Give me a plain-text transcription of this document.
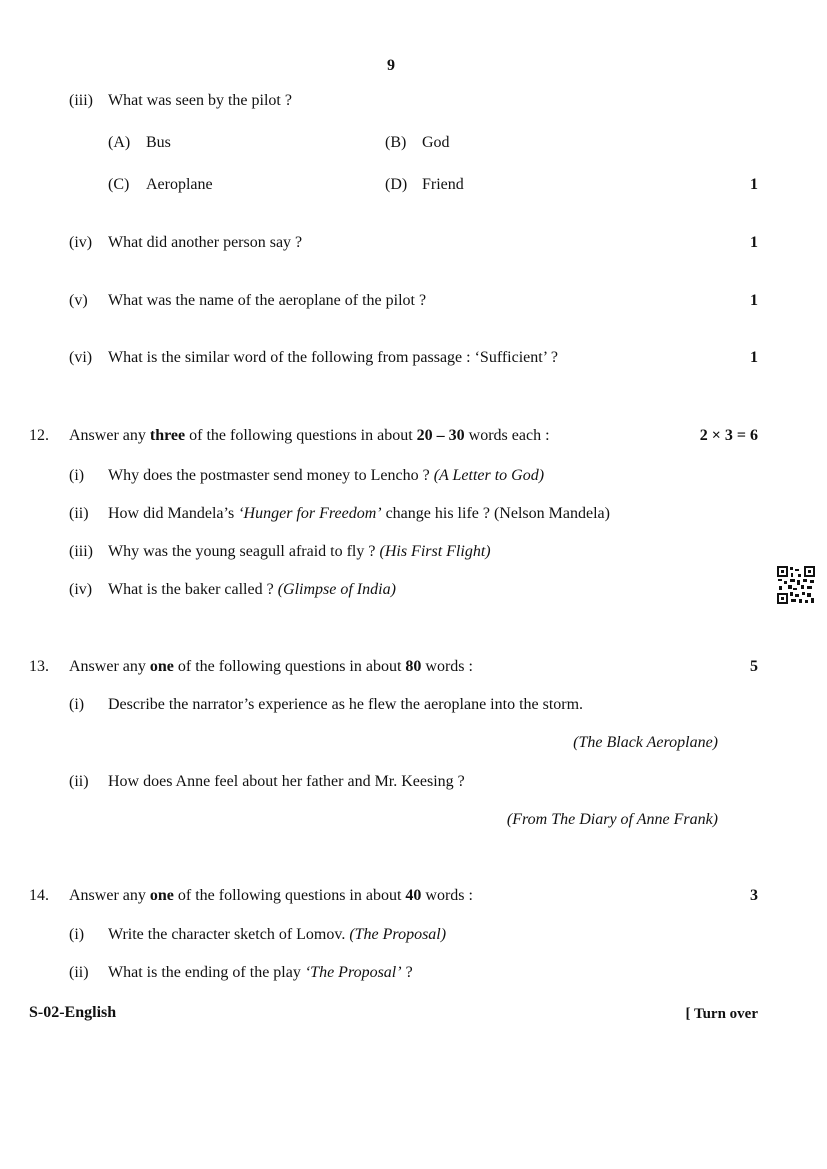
9
(iii) What was seen by the pilot ?
(A) Bus	(B) God
(C) Aeroplane	(D) Friend	1
(iv) What did another person say ?	1
(v) What was the name of the aeroplane of the pilot ?	1
(vi) What is the similar word of the following from passage : ‘Sufficient’ ?	1
12. Answer any three of the following questions in about 20 – 30 words each :	2 × 3 = 6
(i) Why does the postmaster send money to Lencho ? (A Letter to God)
(ii) How did Mandela’s ‘Hunger for Freedom’ change his life ? (Nelson Mandela)
(iii) Why was the young seagull afraid to fly ? (His First Flight)
(iv) What is the baker called ? (Glimpse of India)
13. Answer any one of the following questions in about 80 words :	5
(i) Describe the narrator’s experience as he flew the aeroplane into the storm.
(The Black Aeroplane)
(ii) How does Anne feel about her father and Mr. Keesing ?
(From The Diary of Anne Frank)
14. Answer any one of the following questions in about 40 words :	3
(i) Write the character sketch of Lomov. (The Proposal)
(ii) What is the ending of the play ‘The Proposal’ ?
S-02-English	[ Turn over
